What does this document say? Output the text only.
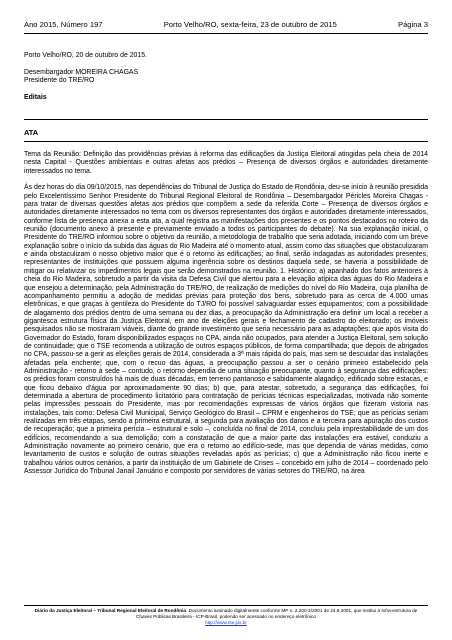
Ano 2015, Número 197	Porto Velho/RO, sexta-feira, 23 de outubro de 2015	Página 3

Porto Velho/RO, 20 de outubro de 2015.

Desembargador MOREIRA CHAGAS

Presidente do TRE/RO

Editais

ATA

Tema da Reunião: Definição das providências prévias à reforma das edificações da Justiça Eleitoral atingidas pela cheia de 2014 nesta Capital - Questões ambientais e outras afetas aos prédios – Presença de diversos órgãos e autoridades diretamente interessados no tema.

Às dez horas do dia 09/10/2015, nas dependências do Tribunal de Justiça do Estado de Rondônia, deu-se início à reunião presidida pelo Excelentíssimo Senhor Presidente do Tribunal Regional Eleitoral de Rondônia – Desembargador Péricles Moreira Chagas - para tratar de diversas questões afetas aos prédios que compõem a sede da referida Corte – Presença de diversos órgãos e autoridades diretamente interessados no tema com os diversos representantes dos órgãos e autoridades diretamente interessados, conforme lista de presença anexa a esta ata, a qual registra as manifestações dos presentes e os pontos destacados no roteiro da reunião (documento anexo à presente e previamente enviado a todos os participantes do debate). Na sua explanação inicial, o Presidente do TRE/RO informou sobre o objetivo da reunião, a metodologia de trabalho que seria adotada, iniciando com um breve explanação sobre o início da subida das águas do Rio Madeira até o momento atual, assim como das situações que obstaculizaram e ainda obstaculizam o nosso objetivo maior que é o retorno às edificações; ao final, serão indagadas as autoridades presentes, representantes de instituições que possuem alguma ingerência sobre os destinos daquela sede, se haveria a possibilidade de mitigar ou relativizar os impedimentos legais que serão demonstrados na reunião. 1. Histórico: a) apanhado dos fatos anteriores à cheia do Rio Madeira, sobretudo a partir da visita da Defesa Civil que alertou para a elevação atípica das águas do Rio Madeira e que ensejou a determinação, pela Administração do TRE/RO, de realização de medições do nível do Rio Madeira, cuja planilha de acompanhamento permitiu a adoção de medidas prévias para proteção dos bens, sobretudo para as cerca de 4.000 urnas eletrônicas, e que graças à gentileza do Presidente do TJ/RO foi possível salvaguardar esses equipamentos; com a possibilidade de alagamento dos prédios dentro de uma semana ou dez dias, a preocupação da Administração era definir um local a receber a gigantesca estrutura física da Justiça Eleitoral, em ano de eleições gerais e fechamento de cadastro do eleitorado; os imóveis pesquisados não se mostraram viáveis, diante do grande investimento que seria necessário para as adaptações; que após visita do Governador do Estado, foram disponibilizados espaços no CPA, ainda não ocupados, para atender a Justiça Eleitoral, sem solução de continuidade; que o TSE recomenda a utilização de outros espaços públicos, de forma compartilhada; que depois de abrigados no CPA, passou-se a gerir as eleições gerais de 2014, considerada a 3ª mais rápida do país, mas sem se descuidar das instalações afetadas pela enchente; que, com o recuo das águas, a preocupação passou a ser o cenário primeiro estabelecido pela Administração - retorno à sede – contudo, o retorno dependia de uma situação preocupante, quanto à segurança das edificações: os prédios foram construídos há mais de duas décadas, em terreno pantanoso e sabidamente alagadiço, edificado sobre estacas, e que ficou debaixo d'água por aproximadamente 90 dias; b) que, para atestar, sobretudo, a segurança das edificações, foi determinada a abertura de procedimento licitatório para contratação de perícias técnicas especializadas, motivada não somente pelas impressões pessoais do Presidente, mas por recomendações expressas de vários órgãos que fizeram vistoria nas instalações, tais como: Defesa Civil Municipal, Serviço Geológico do Brasil – CPRM e engenheiros do TSE; que as perícias seriam realizadas em três etapas, sendo a primeira estrutural, a segunda para avaliação dos danos e a terceira para apuração dos custos de recuperação; que a primeira perícia – estrutural e solo –, concluída no final de 2014, concluiu pela imprestabilidade de um dos edifícios, recomendando a sua demolição; com a constatação de que a maior parte das instalações era estável, conduziu a Administração novamente ao primeiro cenário, que era o retorno ao edifício-sede, mas que dependia de várias medidas, como levantamento de custos e solução de outras situações reveladas após as perícias; c) que a Administração não ficou inerte e trabalhou vários outros cenários, a partir da instituição de um Gabinete de Crises – concebido em julho de 2014 – coordenado pelo Assessor Jurídico do Tribunal Janail Januário e composto por servidores de várias setores do TRE/RO, na área

Diário da Justiça Eleitoral – Tribunal Regional Eleitoral de Rondônia. Documento assinado digitalmente conforme MP n. 2.200-2/2001 de 24.8.2001, que institui a Infra-estrutura de Chaves Públicas Brasileira - ICP-Brasil, podendo ser acessado no endereço eletrônico

http://www.tse.jus.br
